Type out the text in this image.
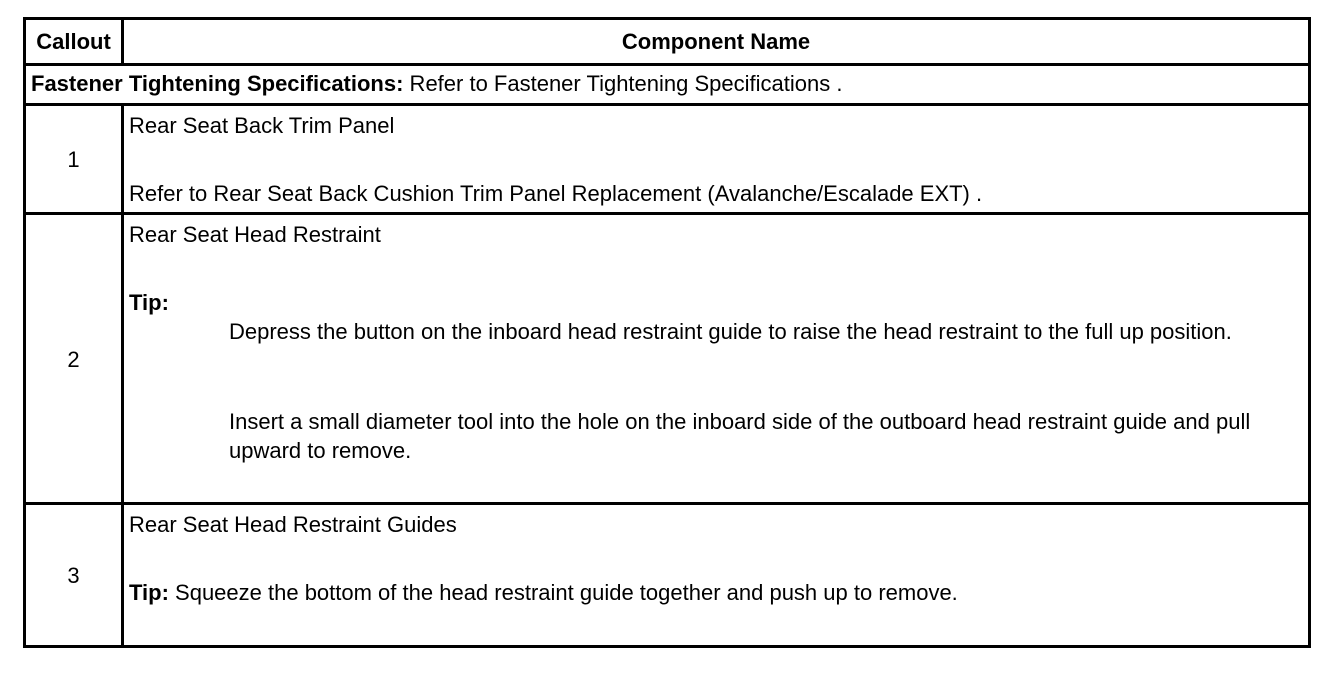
Callout	Component Name
Fastener Tightening Specifications: Refer to Fastener Tightening Specifications .
1
Rear Seat Back Trim Panel
Refer to Rear Seat Back Cushion Trim Panel Replacement (Avalanche/Escalade EXT) .
2
Rear Seat Head Restraint
Tip:
Depress the button on the inboard head restraint guide to raise the head restraint to the full up position.
Insert a small diameter tool into the hole on the inboard side of the outboard head restraint guide and pull upward to remove.
3
Rear Seat Head Restraint Guides
Tip: Squeeze the bottom of the head restraint guide together and push up to remove.
